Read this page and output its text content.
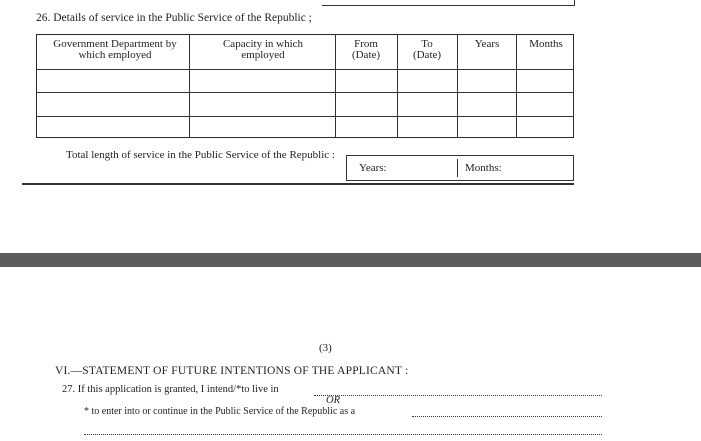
26. Details of service in the Public Service of the Republic ;
Government Department by which employed
Capacity in which employed
From (Date)
To (Date)
Years	Months
Total length of service in the Public Service of the Republic :
Years:	Months:
(3)
VI.—STATEMENT OF FUTURE INTENTIONS OF THE APPLICANT :
27. If this application is granted, I intend/*to live in
OR
* to enter into or continue in the Public Service of the Republic as a
